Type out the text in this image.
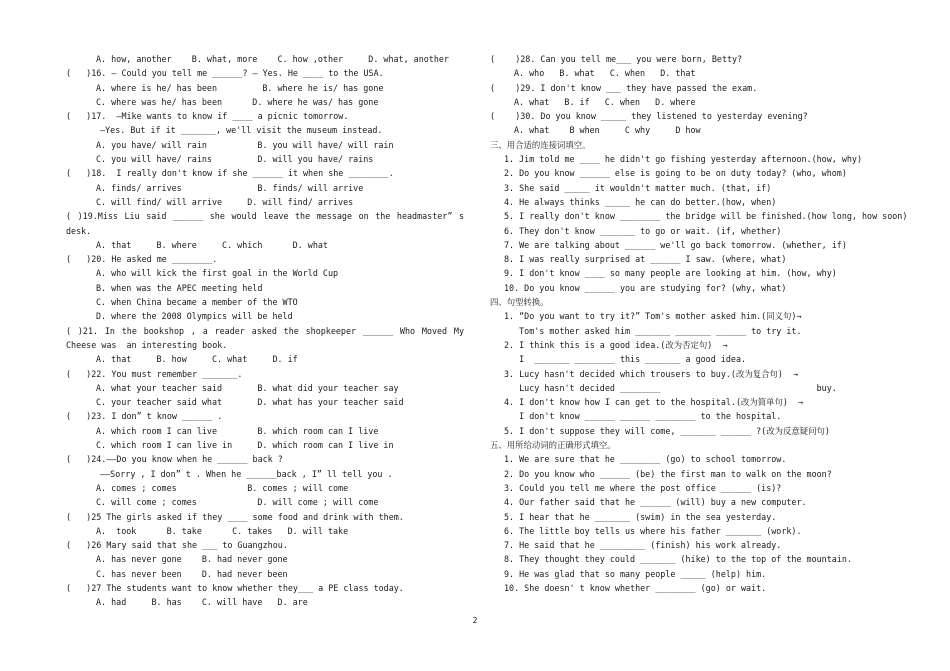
A. how, another    B. what, more    C. how ,other     D. what, another
(   )16. — Could you tell me ______? — Yes. He ____ to the USA.
A. where is he/ has been         B. where he is/ has gone
C. where was he/ has been      D. where he was/ has gone
(   )17.  —Mike wants to know if ____ a picnic tomorrow.
—Yes. But if it _______, we'll visit the museum instead.
A. you have/ will rain          B. you will have/ will rain
C. you will have/ rains         D. will you have/ rains
(   )18.  I really don't know if she ______ it when she ________.
A. finds/ arrives               B. finds/ will arrive
C. will find/ will arrive     D. will find/ arrives
( )19.Miss Liu said ______ she would leave the message on the headmaster” s
desk.
A. that     B. where     C. which      D. what
(   )20. He asked me ________.
A. who will kick the first goal in the World Cup
B. when was the APEC meeting held
C. when China became a member of the WTO
D. where the 2008 Olympics will be held
( )21. In the bookshop , a reader asked the shopkeeper ______ Who Moved My
Cheese was  an interesting book.
A. that     B. how     C. what     D. if
(   )22. You must remember _______.
A. what your teacher said       B. what did your teacher say
C. your teacher said what       D. what has your teacher said
(   )23. I don” t know ______ .
A. which room I can live        B. which room can I live
C. which room I can live in     D. which room can I live in
(   )24.——Do you know when he ______ back ?
——Sorry , I don” t . When he ______back , I” ll tell you .
A. comes ; comes              B. comes ; will come
C. will come ; comes            D. will come ; will come
(   )25 The girls asked if they ____ some food and drink with them.
A.  took      B. take      C. takes   D. will take
(   )26 Mary said that she ___ to Guangzhou.
A. has never gone    B. had never gone
C. has never been    D. had never been
(   )27 The students want to know whether they___ a PE class today.
A. had     B. has    C. will have   D. are
(    )28. Can you tell me___ you were born, Betty?
A. who   B. what   C. when   D. that
(    )29. I don't know ___ they have passed the exam.
A. what   B. if   C. when   D. where
(    )30. Do you know _____ they listened to yesterday evening?
A. what    B when     C why     D how
三、用合适的连接词填空。
1. Jim told me ____ he didn't go fishing yesterday afternoon.(how, why)
2. Do you know ______ else is going to be on duty today? (who, whom)
3. She said _____ it wouldn't matter much. (that, if)
4. He always thinks _____ he can do better.(how, when)
5. I really don't know ________ the bridge will be finished.(how long, how soon)
6. They don't know _______ to go or wait. (if, whether)
7. We are talking about ______ we'll go back tomorrow. (whether, if)
8. I was really surprised at ______ I saw. (where, what)
9. I don't know ____ so many people are looking at him. (how, why)
10. Do you know ______ you are studying for? (why, what)
四、句型转换。
1. “Do you want to try it?” Tom's mother asked him.(同义句)→
Tom's mother asked him _______ _______ ______ to try it.
2. I think this is a good idea.(改为否定句)  →
I  _______ ________ this _______ a good idea.
3. Lucy hasn't decided which trousers to buy.(改为复合句)  →
Lucy hasn't decided ________                               buy.
4. I don't know how I can get to the hospital.(改为简单句)  →
I don't know ______ ______ ________ to the hospital.
5. I don't suppose they will come, _______ ______ ?(改为反意疑问句)
五、用所给动词的正确形式填空。
1. We are sure that he ________ (go) to school tomorrow.
2. Do you know who ______ (be) the first man to walk on the moon?
3. Could you tell me where the post office ______ (is)?
4. Our father said that he ______ (will) buy a new computer.
5. I hear that he _______ (swim) in the sea yesterday.
6. The little boy tells us where his father _______ (work).
7. He said that he _________ (finish) his work already.
8. They thought they could _______ (hike) to the top of the mountain.
9. He was glad that so many people _____ (help) him.
10. She doesn' t know whether ________ (go) or wait.
2
